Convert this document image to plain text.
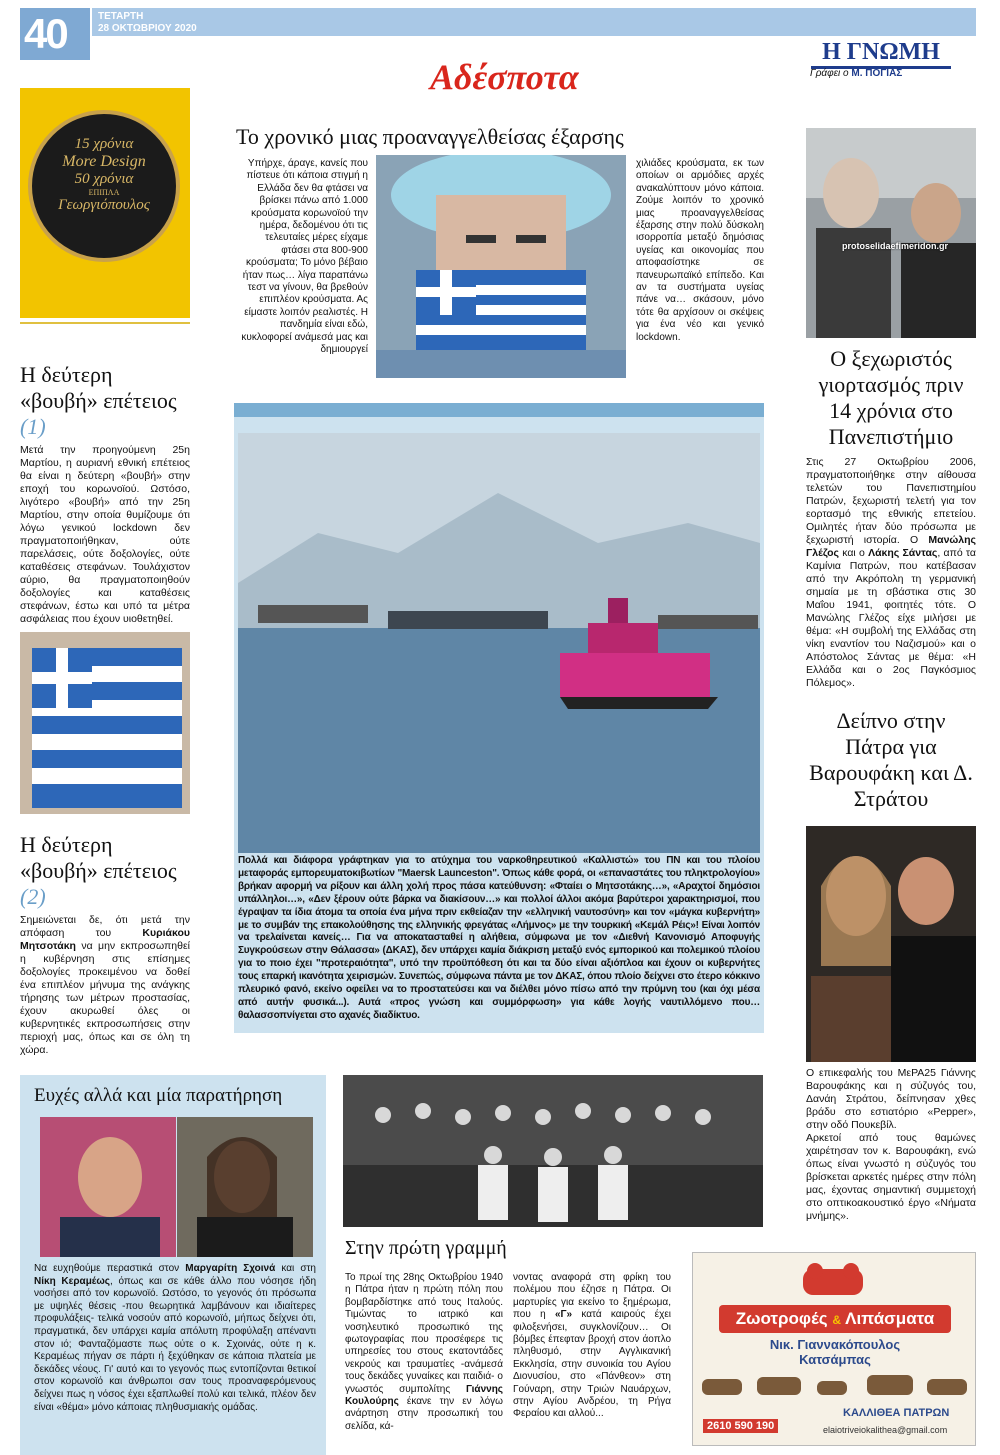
40	ΤΕΤΑΡΤΗ
28 ΟΚΤΩΒΡΙΟΥ 2020
Η ΓΝΩΜΗ
Γράφει ο Μ. ΠΟΓΙΑΣ
Αδέσποτα
15 χρόνια
More Design
50 χρόνια
ΕΠΙΠΛΑ
Γεωργιόπουλος
Η δεύτερη «βουβή» επέτειος (1)
Μετά την προηγούμενη 25η Μαρτίου, η αυριανή εθνική επέτειος θα είναι η δεύτερη «βουβή» στην εποχή του κορωνοϊού. Ωστόσο, λιγότερο «βουβή» από την 25η Μαρτίου, στην οποία θυμίζουμε ότι λόγω γενικού lockdown δεν πραγματοποιήθηκαν, ούτε παρελάσεις, ούτε δοξολογίες, ούτε καταθέσεις στεφάνων. Τουλάχιστον αύριο, θα πραγματοποιηθούν δοξολογίες και καταθέσεις στεφάνων, έστω και υπό τα μέτρα ασφάλειας που έχουν υιοθετηθεί.
Η δεύτερη «βουβή» επέτειος (2)
Σημειώνεται δε, ότι μετά την απόφαση του Κυριάκου Μητσοτάκη να μην εκπροσωπηθεί η κυβέρνηση στις επίσημες δοξολογίες προκειμένου να δοθεί ένα επιπλέον μήνυμα της ανάγκης τήρησης των μέτρων προστασίας, έχουν ακυρωθεί όλες οι κυβερνητικές εκπροσωπήσεις στην περιοχή μας, όπως και σε όλη τη χώρα.
Το χρονικό μιας προαναγγελθείσας έξαρσης
Υπήρχε, άραγε, κανείς που πίστευε ότι κάποια στιγμή η Ελλάδα δεν θα φτάσει να βρίσκει πάνω από 1.000 κρούσματα κορωνοϊού την ημέρα, δεδομένου ότι τις τελευταίες μέρες είχαμε φτάσει στα 800-900 κρούσματα; Το μόνο βέβαιο ήταν πως… λίγα παραπάνω τεστ να γίνουν, θα βρεθούν επιπλέον κρούσματα. Ας είμαστε λοιπόν ρεαλιστές. Η πανδημία είναι εδώ, κυκλοφορεί ανάμεσά μας και δημιουργεί
χιλιάδες κρούσματα, εκ των οποίων οι αρμόδιες αρχές ανακαλύπτουν μόνο κάποια. Ζούμε λοιπόν το χρονικό μιας προαναγγελθείσας έξαρσης στην πολύ δύσκολη ισορροπία μεταξύ δημόσιας υγείας και οικονομίας που αποφασίστηκε σε πανευρωπαϊκό επίπεδο. Και αν τα συστήματα υγείας πάνε να… σκάσουν, μόνο τότε θα αρχίσουν οι σκέψεις για ένα νέο και γενικό lockdown.
Πολλά και διάφορα γράφτηκαν για το ατύχημα του ναρκοθηρευτικού «Καλλιστώ» του ΠΝ και του πλοίου μεταφοράς εμπορευματοκιβωτίων "Maersk Launceston". Όπως κάθε φορά, οι «επαναστάτες του πληκτρολογίου» βρήκαν αφορμή να ρίξουν και άλλη χολή προς πάσα κατεύθυνση: «Φταίει ο Μητσοτάκης…», «Αραχτοί δημόσιοι υπάλληλοι…», «Δεν ξέρουν ούτε βάρκα να διακίσουν…» και πολλοί άλλοι ακόμα βαρύτεροι χαρακτηρισμοί, που έγραψαν τα ίδια άτομα τα οποία ένα μήνα πριν εκθείαζαν την «ελληνική ναυτοσύνη» και τον «μάγκα κυβερνήτη» με το συμβάν της επακολούθησης της ελληνικής φρεγάτας «Λήμνος» με την τουρκική «Κεμάλ Ρέις»! Είναι λοιπόν να τρελαίνεται κανείς… Για να αποκατασταθεί η αλήθεια, σύμφωνα με τον «Διεθνή Κανονισμό Αποφυγής Συγκρούσεων στην Θάλασσα» (ΔΚΑΣ), δεν υπάρχει καμία διάκριση μεταξύ ενός εμπορικού και πολεμικού πλοίου για το ποιο έχει "προτεραιότητα", υπό την προϋπόθεση ότι και τα δύο είναι αξιόπλοα και έχουν οι κυβερνήτες τους επαρκή ικανότητα χειρισμών. Συνεπώς, σύμφωνα πάντα με τον ΔΚΑΣ, όπου πλοίο δείχνει στο έτερο κόκκινο πλευρικό φανό, εκείνο οφείλει να το προστατεύσει και να διέλθει μόνο πίσω από την πρύμνη του (και όχι μέσα από αυτήν φυσικά...). Αυτά «προς γνώση και συμμόρφωση» για κάθε λογής ναυτιλλόμενο που… θαλασσοπνίγεται στο αχανές διαδίκτυο.
protoselidaefimeridon.gr
Ο ξεχωριστός γιορτασμός πριν 14 χρόνια στο Πανεπιστήμιο
Στις 27 Οκτωβρίου 2006, πραγματοποιήθηκε στην αίθουσα τελετών του Πανεπιστημίου Πατρών, ξεχωριστή τελετή για τον εορτασμό της εθνικής επετείου. Ομιλητές ήταν δύο πρόσωπα με ξεχωριστή ιστορία. Ο Μανώλης Γλέζος και ο Λάκης Σάντας, από τα Καμίνια Πατρών, που κατέβασαν από την Ακρόπολη τη γερμανική σημαία με τη σβάστικα στις 30 Μαΐου 1941, φοιτητές τότε. Ο Μανώλης Γλέζος είχε μιλήσει με θέμα: «Η συμβολή της Ελλάδας στη νίκη εναντίον του Ναζισμού» και ο Απόστολος Σάντας με θέμα: «Η Ελλάδα και ο 2ος Παγκόσμιος Πόλεμος».
Δείπνο στην Πάτρα για Βαρουφάκη και Δ. Στράτου
Ο επικεφαλής του ΜεΡΑ25 Γιάννης Βαρουφάκης και η σύζυγός του, Δανάη Στράτου, δείπνησαν χθες βράδυ στο εστιατόριο «Pepper», στην οδό Πουκεβίλ.
Αρκετοί από τους θαμώνες χαιρέτησαν τον κ. Βαρουφάκη, ενώ όπως είναι γνωστό η σύζυγός του βρίσκεται αρκετές ημέρες στην πόλη μας, έχοντας σημαντική συμμετοχή στο οπτικοακουστικό έργο «Νήματα μνήμης».
Ευχές αλλά και μία παρατήρηση
Να ευχηθούμε περαστικά στον Μαργαρίτη Σχοινά και στη Νίκη Κεραμέως, όπως και σε κάθε άλλο που νόσησε ήδη νοσήσει από τον κορωνοϊό. Ωστόσο, το γεγονός ότι πρόσωπα με υψηλές θέσεις -που θεωρητικά λαμβάνουν και ιδιαίτερες προφυλάξεις- τελικά νοσούν από κορωνοϊό, μήπως δείχνει ότι, πραγματικά, δεν υπάρχει καμία απόλυτη προφύλαξη απέναντι στον ιό; Φανταζόμαστε πως ούτε ο κ. Σχοινάς, ούτε η κ. Κεραμέως πήγαν σε πάρτι ή ξεχύθηκαν σε κάποια πλατεία με δεκάδες νέους. Γι' αυτό και το γεγονός πως εντοπίζονται θετικοί στον κορωνοϊό και άνθρωποι σαν τους προαναφερόμενους δείχνει πως η νόσος έχει εξαπλωθεί πολύ και τελικά, πλέον δεν είναι «θέμα» μόνο κάποιας πληθυσμιακής ομάδας.
Στην πρώτη γραμμή
Το πρωί της 28ης Οκτωβρίου 1940 η Πάτρα ήταν η πρώτη πόλη που βομβαρδίστηκε από τους Ιταλούς. Τιμώντας το ιατρικό και νοσηλευτικό προσωπικό της φωτογραφίας που προσέφερε τις υπηρεσίες του στους εκατοντάδες νεκρούς και τραυματίες -ανάμεσά τους δεκάδες γυναίκες και παιδιά- ο γνωστός συμπολίτης Γιάννης Κουλούρης έκανε την εν λόγω ανάρτηση στην προσωπική του σελίδα, κά-
νοντας αναφορά στη φρίκη του πολέμου που έζησε η Πάτρα. Οι μαρτυρίες για εκείνο το ξημέρωμα, που η «Γ» κατά καιρούς έχει φιλοξενήσει, συγκλονίζουν… Οι βόμβες έπεφταν βροχή στον άοπλο πληθυσμό, στην Αγγλικανική Εκκλησία, στην συνοικία του Αγίου Διονυσίου, στο «Πάνθεον» στη Γούναρη, στην Τριών Ναυάρχων, στην Αγίου Ανδρέου, τη Ρήγα Φεραίου και αλλού...
Ζωοτροφές & Λιπάσματα
Νικ. Γιαννακόπουλος
Κατσάμπας
ΚΑΛΛΙΘΕΑ ΠΑΤΡΩΝ
2610 590 190	elaiotriveiokalithea@gmail.com
